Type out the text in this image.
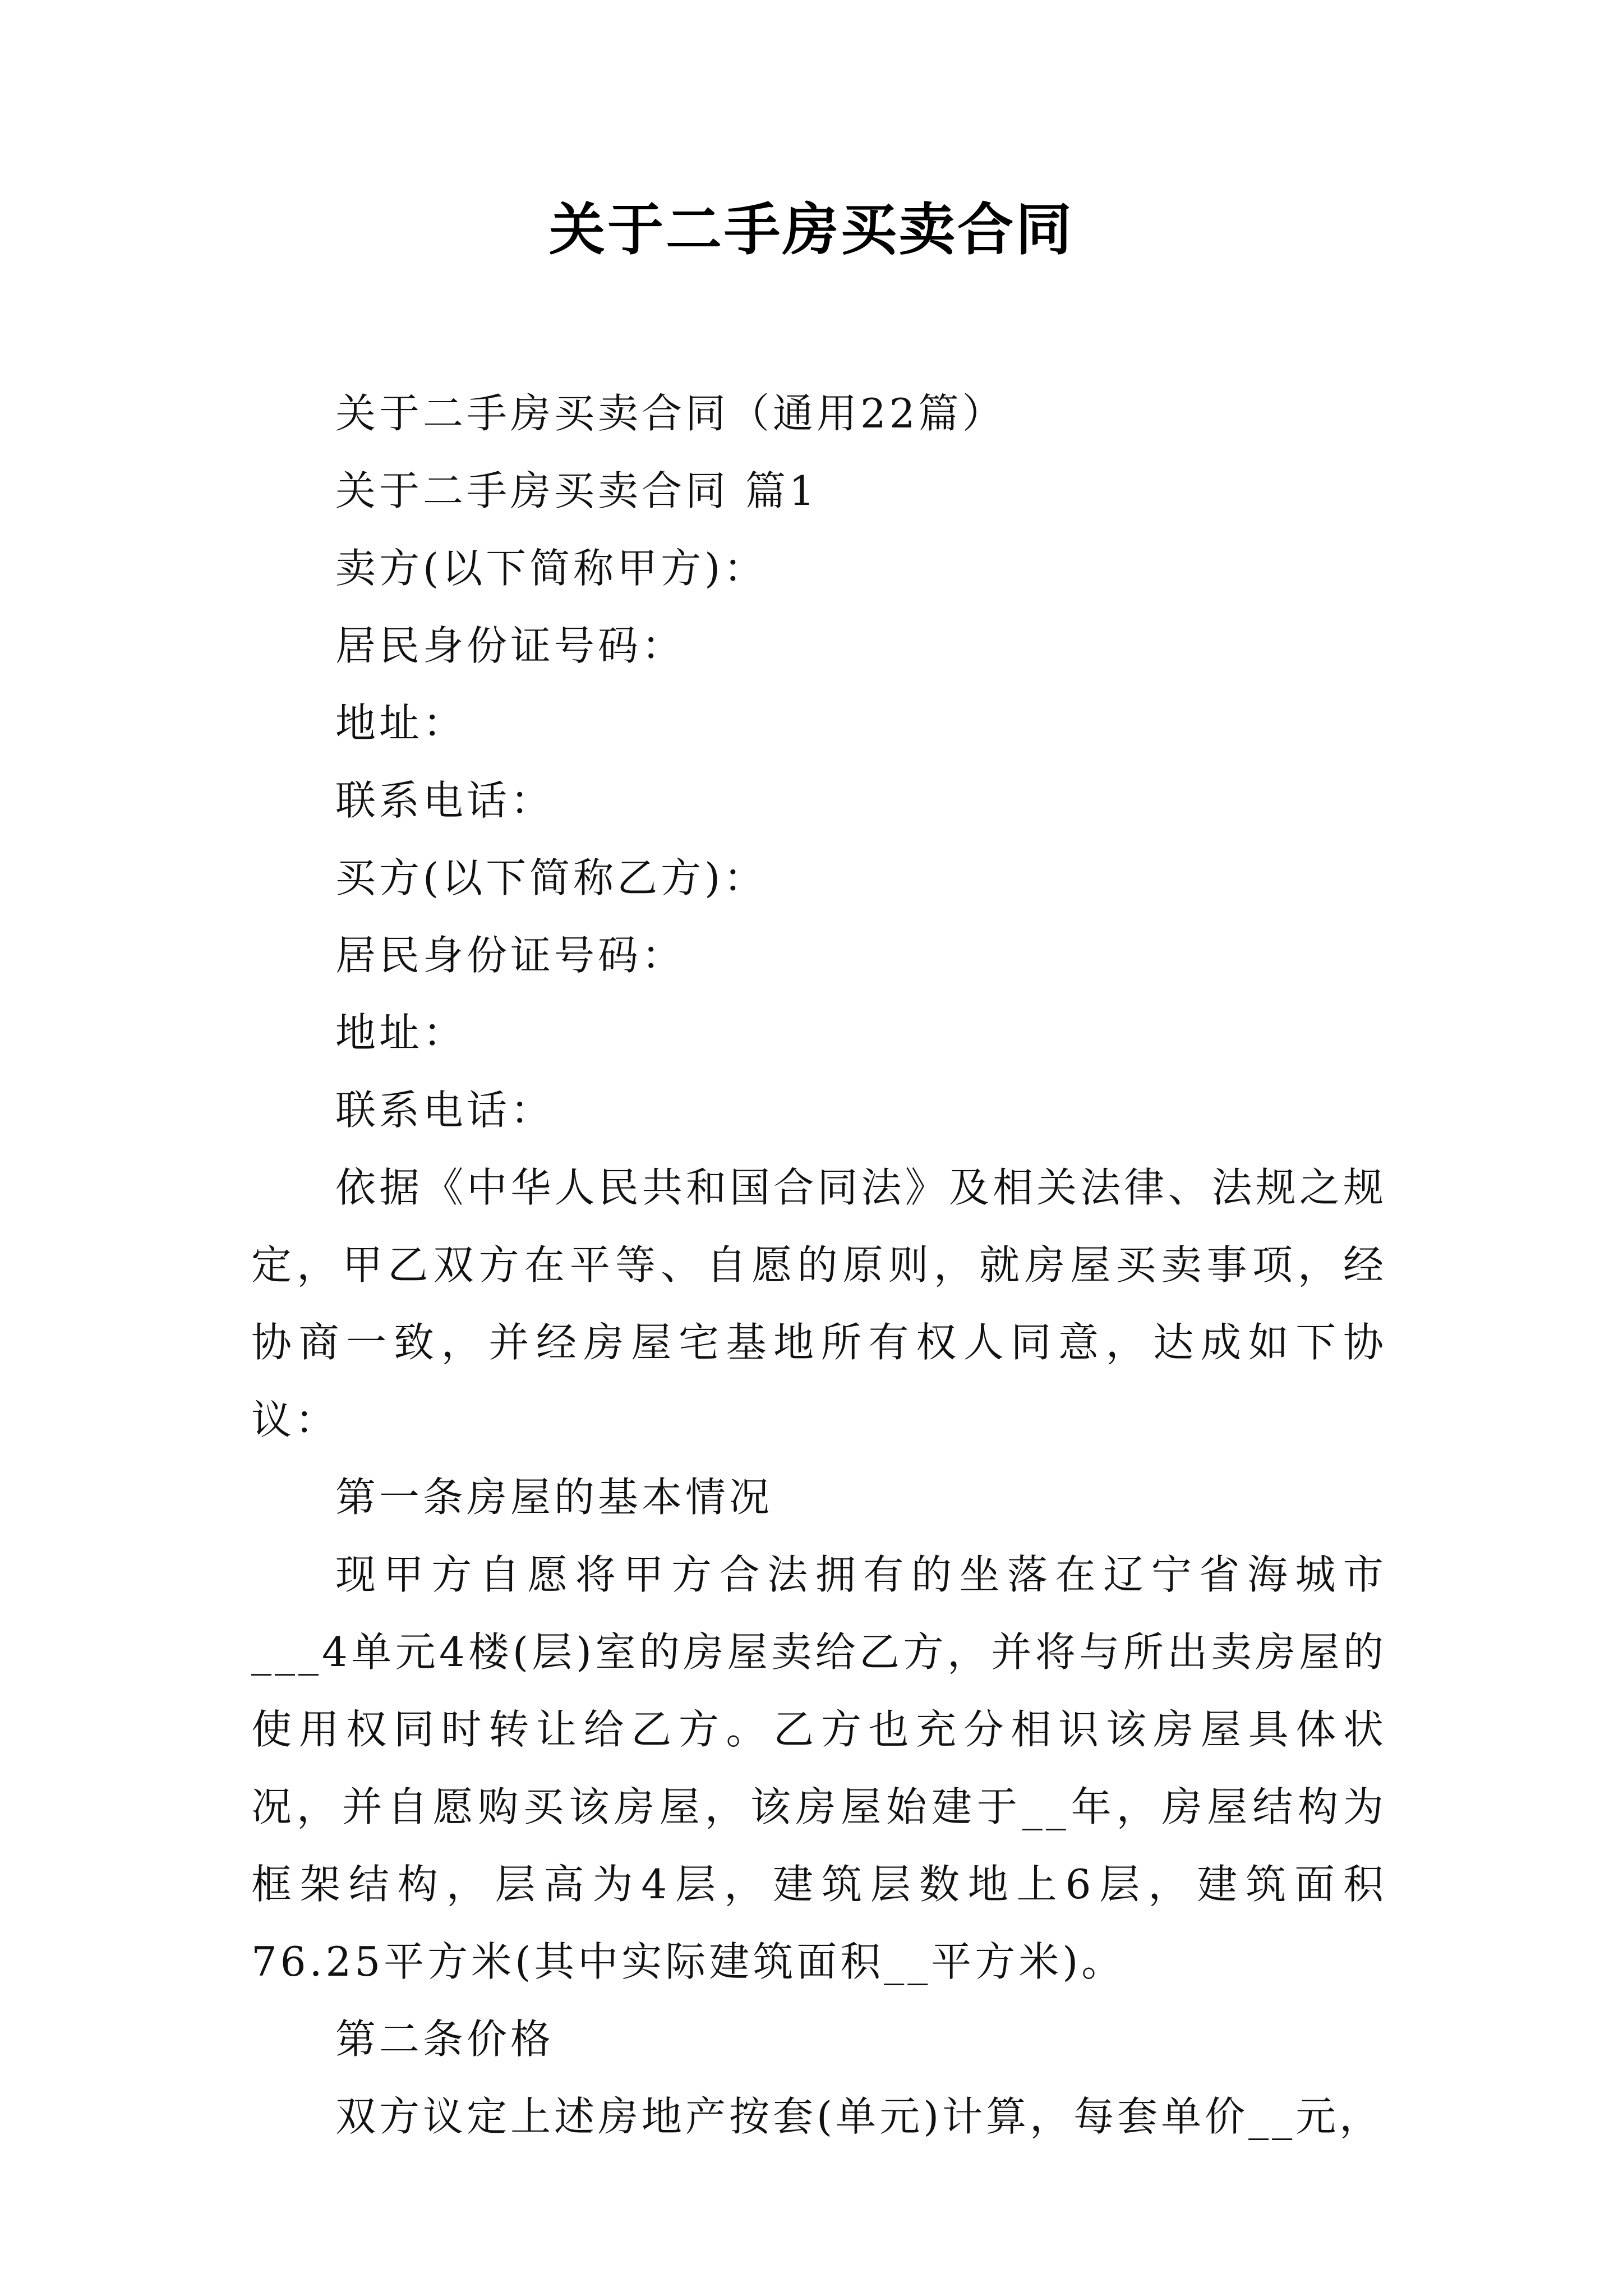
关于二手房买卖合同

关于二手房买卖合同（通用22篇）

关于二手房买卖合同 篇1

卖方(以下简称甲方)：

居民身份证号码：

地址：

联系电话：

买方(以下简称乙方)：

居民身份证号码：

地址：

联系电话：

依据《中华人民共和国合同法》及相关法律、法规之规定，甲乙双方在平等、自愿的原则，就房屋买卖事项，经协商一致，并经房屋宅基地所有权人同意，达成如下协议：

第一条房屋的基本情况

现甲方自愿将甲方合法拥有的坐落在辽宁省海城市___4单元4楼(层)室的房屋卖给乙方，并将与所出卖房屋的使用权同时转让给乙方。乙方也充分相识该房屋具体状况，并自愿购买该房屋，该房屋始建于__年，房屋结构为框架结构，层高为4层，建筑层数地上6层，建筑面积76.25平方米(其中实际建筑面积__平方米)。

第二条价格

双方议定上述房地产按套(单元)计算，每套单价__元，
